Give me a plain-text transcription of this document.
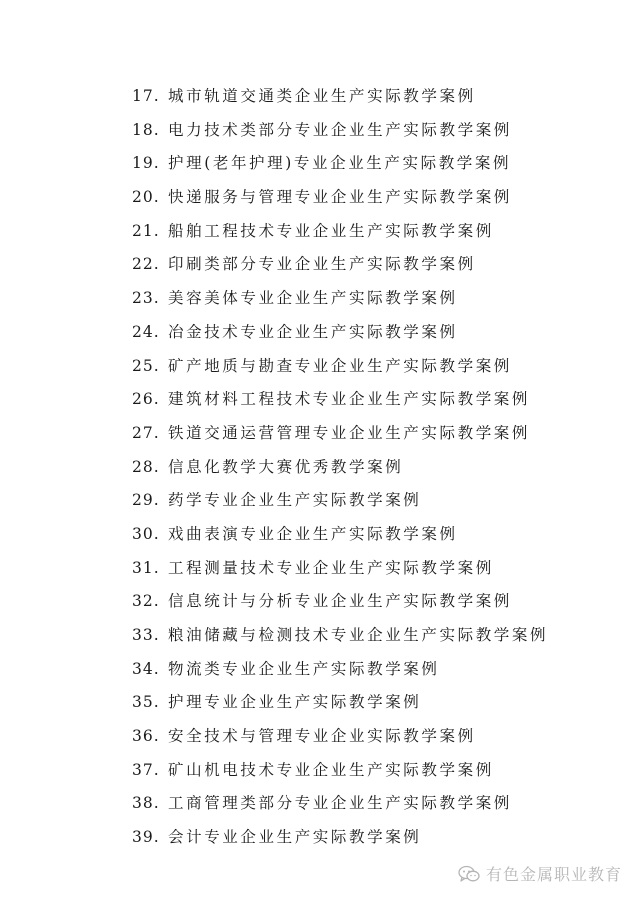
17. 城市轨道交通类企业生产实际教学案例
18. 电力技术类部分专业企业生产实际教学案例
19. 护理(老年护理)专业企业生产实际教学案例
20. 快递服务与管理专业企业生产实际教学案例
21. 船舶工程技术专业企业生产实际教学案例
22. 印刷类部分专业企业生产实际教学案例
23. 美容美体专业企业生产实际教学案例
24. 冶金技术专业企业生产实际教学案例
25. 矿产地质与勘查专业企业生产实际教学案例
26. 建筑材料工程技术专业企业生产实际教学案例
27. 铁道交通运营管理专业企业生产实际教学案例
28. 信息化教学大赛优秀教学案例
29. 药学专业企业生产实际教学案例
30. 戏曲表演专业企业生产实际教学案例
31. 工程测量技术专业企业生产实际教学案例
32. 信息统计与分析专业企业生产实际教学案例
33. 粮油储藏与检测技术专业企业生产实际教学案例
34. 物流类专业企业生产实际教学案例
35. 护理专业企业生产实际教学案例
36. 安全技术与管理专业企业实际教学案例
37. 矿山机电技术专业企业生产实际教学案例
38. 工商管理类部分专业企业生产实际教学案例
39. 会计专业企业生产实际教学案例
有色金属职业教育
